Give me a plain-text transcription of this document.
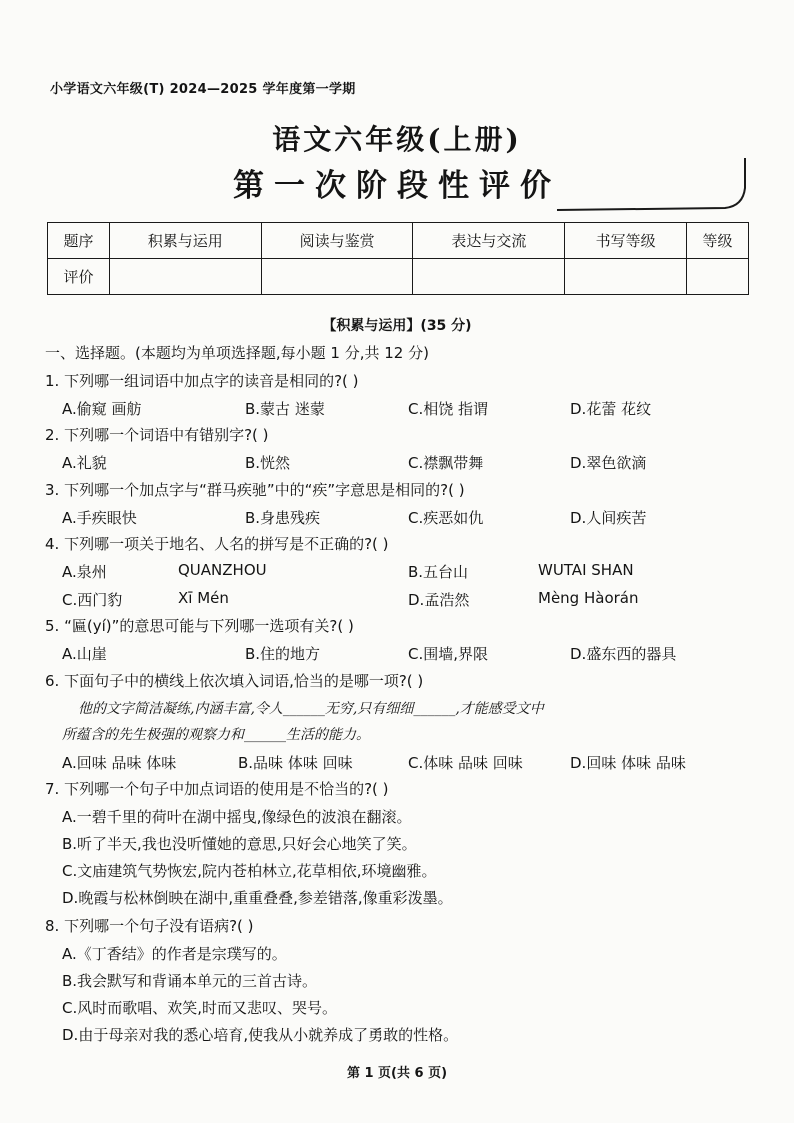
小学语文六年级(T) 2024—2025 学年度第一学期
语文六年级(上册)
第一次阶段性评价
题序	积累与运用	阅读与鉴赏	表达与交流	书写等级	等级
评价					
【积累与运用】(35 分)
一、选择题。(本题均为单项选择题,每小题 1 分,共 12 分)
1. 下列哪一组词语中加点字的读音是相同的?( )
A.偷窥 画舫	B.蒙古 迷蒙	C.相饶 指谓	D.花蕾 花纹
2. 下列哪一个词语中有错别字?( )
A.礼貌	B.恍然	C.襟飘带舞	D.翠色欲滴
3. 下列哪一个加点字与“群马疾驰”中的“疾”字意思是相同的?( )
A.手疾眼快	B.身患残疾	C.疾恶如仇	D.人间疾苦
4. 下列哪一项关于地名、人名的拼写是不正确的?( )
A.泉州	QUANZHOU	B.五台山	WUTAI SHAN
C.西门豹	Xī Mén	D.孟浩然	Mèng Hàorán
5. “匾(yí)”的意思可能与下列哪一选项有关?( )
A.山崖	B.住的地方	C.围墙,界限	D.盛东西的器具
6. 下面句子中的横线上依次填入词语,恰当的是哪一项?( )
他的文字简洁凝练,内涵丰富,令人______无穷,只有细细______,才能感受文中
所蕴含的先生极强的观察力和______生活的能力。
A.回味 品味 体味	B.品味 体味 回味	C.体味 品味 回味	D.回味 体味 品味
7. 下列哪一个句子中加点词语的使用是不恰当的?( )
A.一碧千里的荷叶在湖中摇曳,像绿色的波浪在翻滚。
B.听了半天,我也没听懂她的意思,只好会心地笑了笑。
C.文庙建筑气势恢宏,院内苍柏林立,花草相依,环境幽雅。
D.晚霞与松林倒映在湖中,重重叠叠,参差错落,像重彩泼墨。
8. 下列哪一个句子没有语病?( )
A.《丁香结》的作者是宗璞写的。
B.我会默写和背诵本单元的三首古诗。
C.风时而歌唱、欢笑,时而又悲叹、哭号。
D.由于母亲对我的悉心培育,使我从小就养成了勇敢的性格。
第 1 页(共 6 页)
